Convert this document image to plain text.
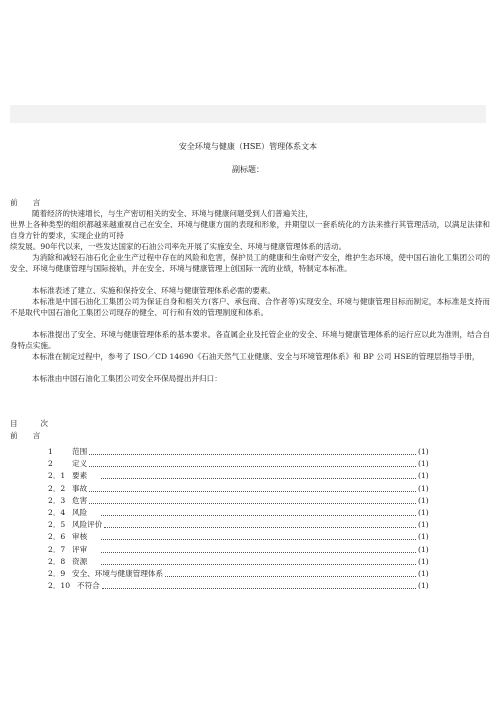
安全环境与健康（HSE）管理体系文本
副标题：
前　　言
随着经济的快速增长，与生产密切相关的安全、环境与健康问题受到人们普遍关注，
世界上各种类型的组织都越来越重视自己在安全、环境与健康方面的表现和形象，并期望以一套系统化的方法来推行其管理活动，以满足法律和自身方针的要求，实现企业的可持
续发展。90年代以来，一些发达国家的石油公司率先开展了实施安全、环境与健康管理体系的活动。
为消除和减轻石油石化企业生产过程中存在的风险和危害，保护员工的健康和生命财产安全，维护生态环境，使中国石油化工集团公司的安全、环境与健康管理与国际接轨，并在安全、环境与健康管理上创国际一流的业绩，特制定本标准。
本标准表述了建立、实施和保持安全、环境与健康管理体系必需的要素。
本标准是中国石油化工集团公司为保证自身和相关方(客户、承包商、合作者等)实现安全、环境与健康管理目标而制定，本标准是支持而不是取代中国石油化工集团公司现存的健全、可行和有效的管理制度和体系。
本标准提出了安全、环境与健康管理体系的基本要求。各直属企业及托管企业的安全、环境与健康管理体系的运行应以此为准则，结合自身特点实施。
本标准在制定过程中，参考了 ISO／CD 14690《石油天然气工业健康、安全与环境管理体系》和 BP 公司 HSE的管理层指导手册，
本标准由中国石油化工集团公司安全环保局提出并归口：
目　　　次
前　　言
1	范围	(1)
2	定义	(1)
2．1 要素	(1)
2．2 事故	(1)
2．3 危害	(1)
2．4 风险	(1)
2．5 风险评价	(1)
2．6 审核	(1)
2．7 评审	(1)
2．8 资源	(1)
2．9 安全、环境与健康管理体系	(1)
2．10 不符合	(1)
